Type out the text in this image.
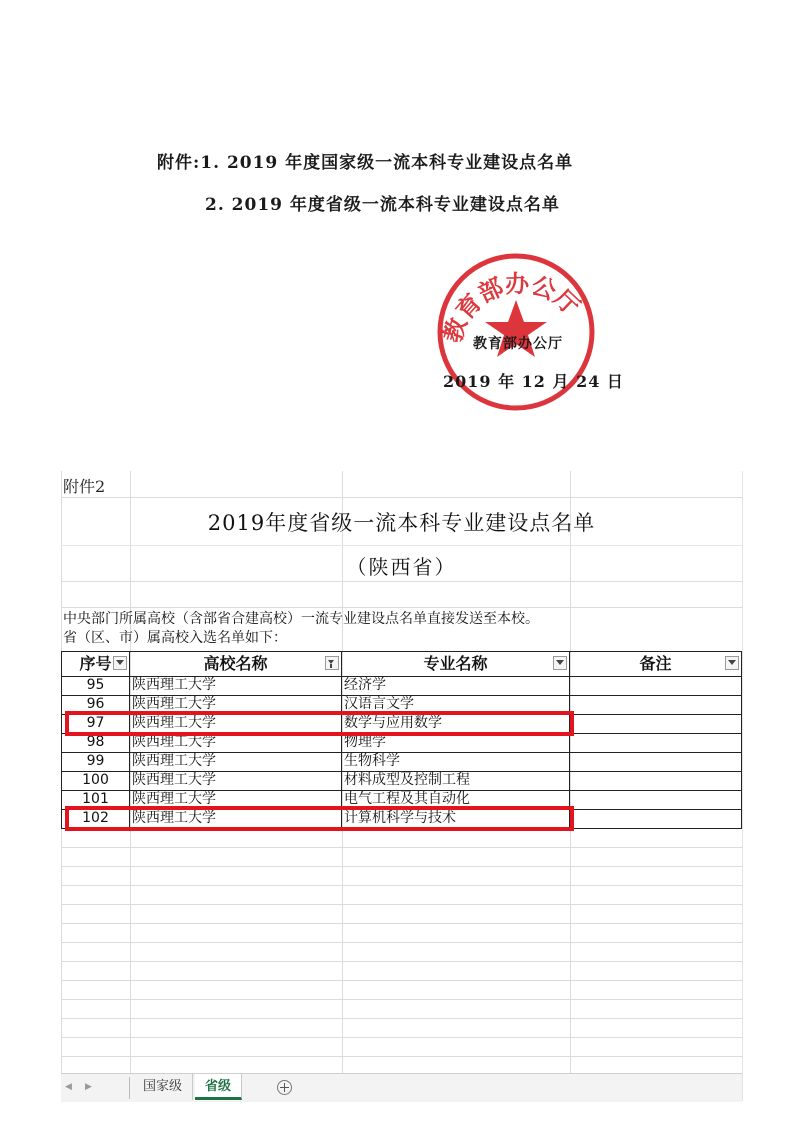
附件:1. 2019 年度国家级一流本科专业建设点名单
2. 2019 年度省级一流本科专业建设点名单
教育部办公厅
教育部办公厅
2019 年 12 月 24 日
附件2
2019年度省级一流本科专业建设点名单
（陕西省）
中央部门所属高校（含部省合建高校）一流专业建设点名单直接发送至本校。
省（区、市）属高校入选名单如下：
序号	高校名称	专业名称	备注
95	陕西理工大学	经济学
96	陕西理工大学	汉语言文学
97	陕西理工大学	数学与应用数学
98	陕西理工大学	物理学
99	陕西理工大学	生物科学
100	陕西理工大学	材料成型及控制工程
101	陕西理工大学	电气工程及其自动化
102	陕西理工大学	计算机科学与技术
◀ ▶	国家级	省级
